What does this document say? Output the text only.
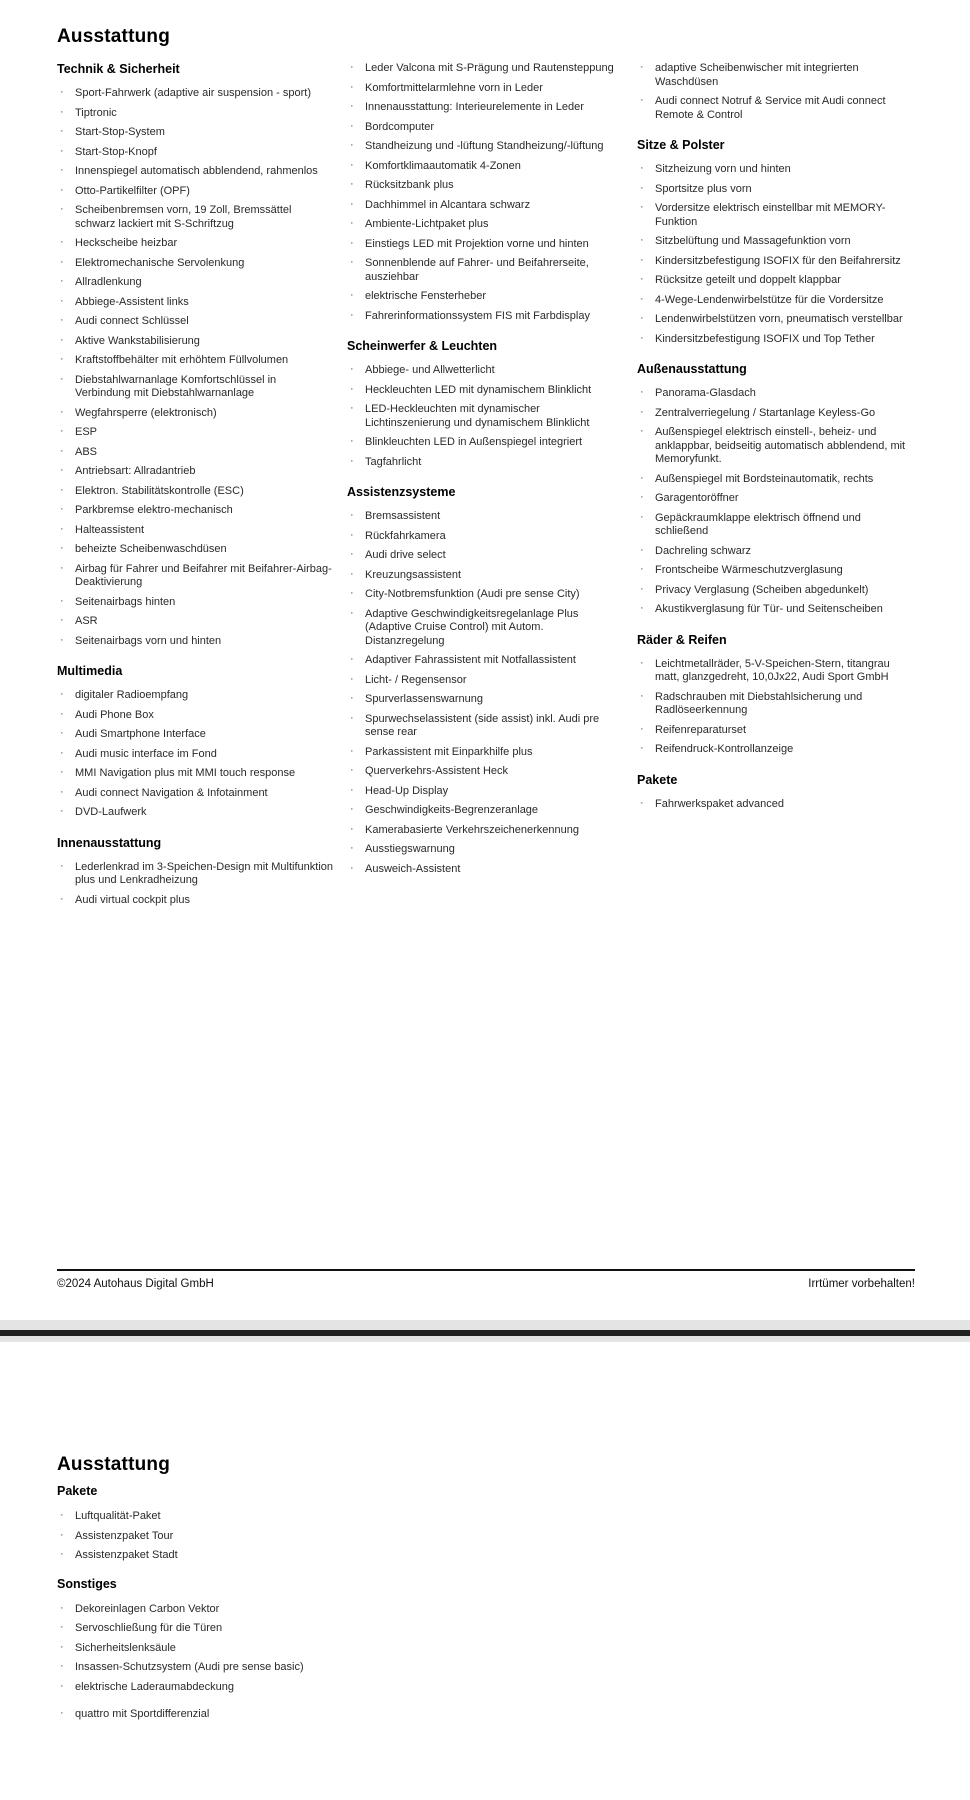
Ausstattung
Technik & Sicherheit
· Sport-Fahrwerk (adaptive air suspension - sport)
· Tiptronic
· Start-Stop-System
· Start-Stop-Knopf
· Innenspiegel automatisch abblendend, rahmenlos
· Otto-Partikelfilter (OPF)
· Scheibenbremsen vorn, 19 Zoll, Bremssättel schwarz lackiert mit S-Schriftzug
· Heckscheibe heizbar
· Elektromechanische Servolenkung
· Allradlenkung
· Abbiege-Assistent links
· Audi connect Schlüssel
· Aktive Wankstabilisierung
· Kraftstoffbehälter mit erhöhtem Füllvolumen
· Diebstahlwarnanlage Komfortschlüssel in Verbindung mit Diebstahlwarnanlage
· Wegfahrsperre (elektronisch)
· ESP
· ABS
· Antriebsart: Allradantrieb
· Elektron. Stabilitätskontrolle (ESC)
· Parkbremse elektro-mechanisch
· Halteassistent
· beheizte Scheibenwaschdüsen
· Airbag für Fahrer und Beifahrer mit Beifahrer-Airbag-Deaktivierung
· Seitenairbags hinten
· ASR
· Seitenairbags vorn und hinten
Multimedia
· digitaler Radioempfang
· Audi Phone Box
· Audi Smartphone Interface
· Audi music interface im Fond
· MMI Navigation plus mit MMI touch response
· Audi connect Navigation & Infotainment
· DVD-Laufwerk
Innenausstattung
· Lederlenkrad im 3-Speichen-Design mit Multifunktion plus und Lenkradheizung
· Audi virtual cockpit plus
· Leder Valcona mit S-Prägung und Rautensteppung
· Komfortmittelarmlehne vorn in Leder
· Innenausstattung: Interieurelemente in Leder
· Bordcomputer
· Standheizung und -lüftung Standheizung/-lüftung
· Komfortklimaautomatik 4-Zonen
· Rücksitzbank plus
· Dachhimmel in Alcantara schwarz
· Ambiente-Lichtpaket plus
· Einstiegs LED mit Projektion vorne und hinten
· Sonnenblende auf Fahrer- und Beifahrerseite, ausziehbar
· elektrische Fensterheber
· Fahrerinformationssystem FIS mit Farbdisplay
Scheinwerfer & Leuchten
· Abbiege- und Allwetterlicht
· Heckleuchten LED mit dynamischem Blinklicht
· LED-Heckleuchten mit dynamischer Lichtinszenierung und dynamischem Blinklicht
· Blinkleuchten LED in Außenspiegel integriert
· Tagfahrlicht
Assistenzsysteme
· Bremsassistent
· Rückfahrkamera
· Audi drive select
· Kreuzungsassistent
· City-Notbremsfunktion (Audi pre sense City)
· Adaptive Geschwindigkeitsregelanlage Plus (Adaptive Cruise Control) mit Autom. Distanzregelung
· Adaptiver Fahrassistent mit Notfallassistent
· Licht- / Regensensor
· Spurverlassenswarnung
· Spurwechselassistent (side assist) inkl. Audi pre sense rear
· Parkassistent mit Einparkhilfe plus
· Querverkehrs-Assistent Heck
· Head-Up Display
· Geschwindigkeits-Begrenzeranlage
· Kamerabasierte Verkehrszeichenerkennung
· Ausstiegswarnung
· Ausweich-Assistent
· adaptive Scheibenwischer mit integrierten Waschdüsen
· Audi connect Notruf & Service mit Audi connect Remote & Control
Sitze & Polster
· Sitzheizung vorn und hinten
· Sportsitze plus vorn
· Vordersitze elektrisch einstellbar mit MEMORY-Funktion
· Sitzbelüftung und Massagefunktion vorn
· Kindersitzbefestigung ISOFIX für den Beifahrersitz
· Rücksitze geteilt und doppelt klappbar
· 4-Wege-Lendenwirbelstütze für die Vordersitze
· Lendenwirbelstützen vorn, pneumatisch verstellbar
· Kindersitzbefestigung ISOFIX und Top Tether
Außenausstattung
· Panorama-Glasdach
· Zentralverriegelung / Startanlage Keyless-Go
· Außenspiegel elektrisch einstell-, beheiz- und anklappbar, beidseitig automatisch abblendend, mit Memoryfunkt.
· Außenspiegel mit Bordsteinautomatik, rechts
· Garagentoröffner
· Gepäckraumklappe elektrisch öffnend und schließend
· Dachreling schwarz
· Frontscheibe Wärmeschutzverglasung
· Privacy Verglasung (Scheiben abgedunkelt)
· Akustikverglasung für Tür- und Seitenscheiben
Räder & Reifen
· Leichtmetallräder, 5-V-Speichen-Stern, titangrau matt, glanzgedreht, 10,0Jx22, Audi Sport GmbH
· Radschrauben mit Diebstahlsicherung und Radlöseerkennung
· Reifenreparaturset
· Reifendruck-Kontrollanzeige
Pakete
· Fahrwerkspaket advanced
©2024 Autohaus Digital GmbH	Irrtümer vorbehalten!
Ausstattung
Pakete
· Luftqualität-Paket
· Assistenzpaket Tour
· Assistenzpaket Stadt
Sonstiges
· Dekoreinlagen Carbon Vektor
· Servoschließung für die Türen
· Sicherheitslenksäule
· Insassen-Schutzsystem (Audi pre sense basic)
· elektrische Laderaumabdeckung
· quattro mit Sportdifferenzial
